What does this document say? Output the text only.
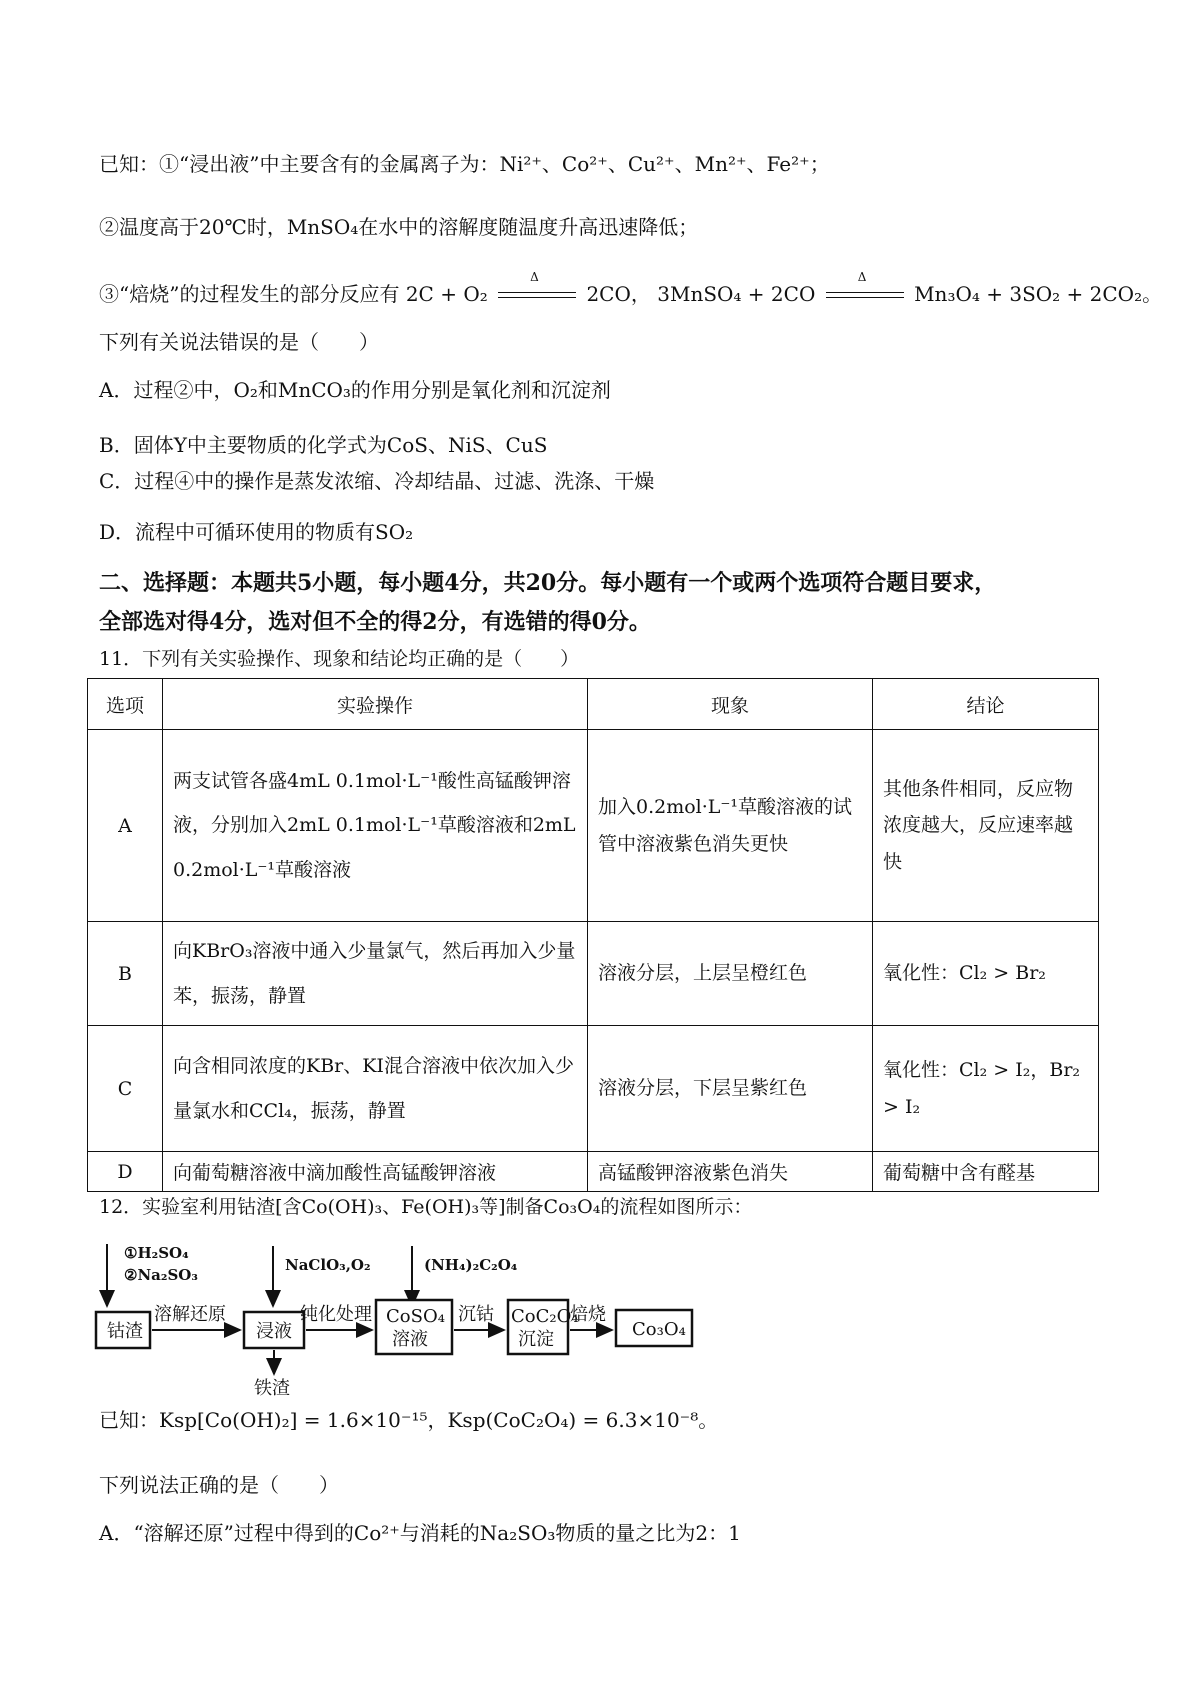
已知：①“浸出液”中主要含有的金属离子为：Ni²⁺、Co²⁺、Cu²⁺、Mn²⁺、Fe²⁺；
②温度高于20℃时，MnSO₄在水中的溶解度随温度升高迅速降低；
③“焙烧”的过程发生的部分反应有 2C + O₂
Δ
2CO， 3MnSO₄ + 2CO
Δ
Mn₃O₄ + 3SO₂ + 2CO₂。
下列有关说法错误的是（　　）
A．过程②中，O₂和MnCO₃的作用分别是氧化剂和沉淀剂
B．固体Y中主要物质的化学式为CoS、NiS、CuS
C．过程④中的操作是蒸发浓缩、冷却结晶、过滤、洗涤、干燥
D．流程中可循环使用的物质有SO₂
二、选择题：本题共5小题，每小题4分，共20分。每小题有一个或两个选项符合题目要求，
全部选对得4分，选对但不全的得2分，有选错的得0分。
11．下列有关实验操作、现象和结论均正确的是（　　）
选项	实验操作	现象	结论
A	两支试管各盛4mL 0.1mol·L⁻¹酸性高锰酸钾溶液，分别加入2mL 0.1mol·L⁻¹草酸溶液和2mL 0.2mol·L⁻¹草酸溶液	加入0.2mol·L⁻¹草酸溶液的试管中溶液紫色消失更快	其他条件相同，反应物浓度越大，反应速率越快
B	向KBrO₃溶液中通入少量氯气，然后再加入少量苯，振荡，静置	溶液分层，上层呈橙红色	氧化性：Cl₂ > Br₂
C	向含相同浓度的KBr、KI混合溶液中依次加入少量氯水和CCl₄，振荡，静置	溶液分层，下层呈紫红色	氧化性：Cl₂ > I₂，Br₂ > I₂
D	向葡萄糖溶液中滴加酸性高锰酸钾溶液	高锰酸钾溶液紫色消失	葡萄糖中含有醛基
12．实验室利用钴渣[含Co(OH)₃、Fe(OH)₃等]制备Co₃O₄的流程如图所示：
①H₂SO₄
②Na₂SO₃
NaClO₃,O₂	(NH₄)₂C₂O₄
钴渣	浸液
CoSO₄
溶液
CoC₂O₄
沉淀	Co₃O₄
溶解还原	纯化处理	沉钴	焙烧
铁渣
已知：Ksp[Co(OH)₂] = 1.6×10⁻¹⁵，Ksp(CoC₂O₄) = 6.3×10⁻⁸。
下列说法正确的是（　　）
A．“溶解还原”过程中得到的Co²⁺与消耗的Na₂SO₃物质的量之比为2：1
